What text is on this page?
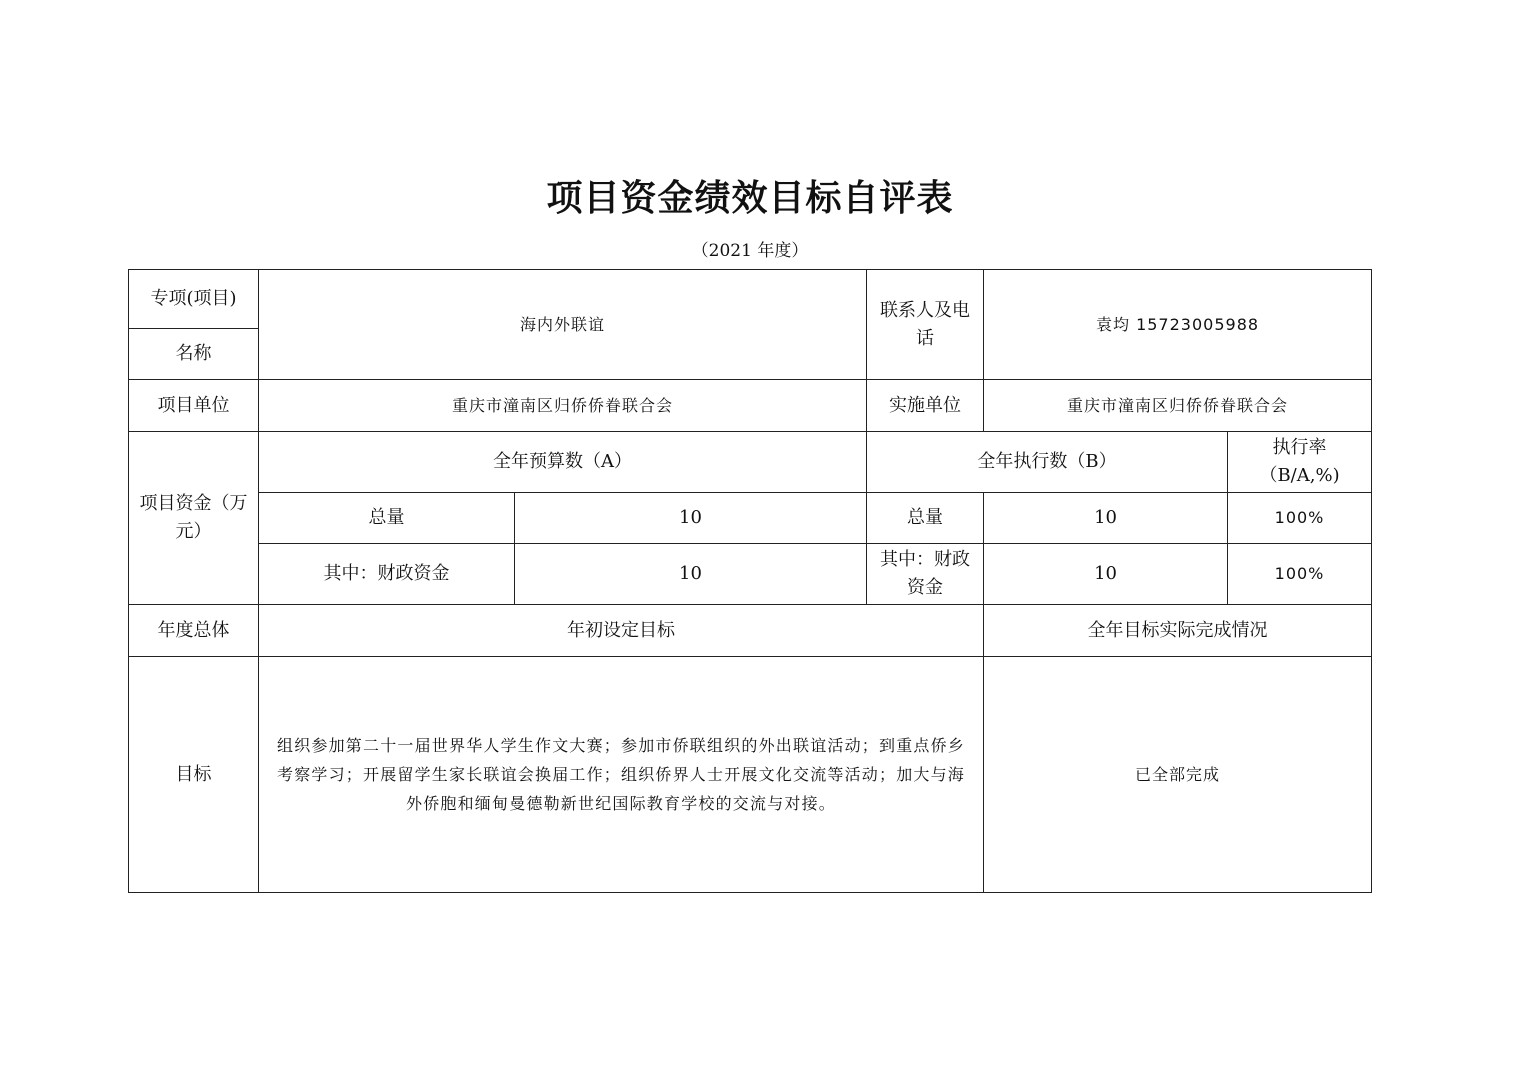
项目资金绩效目标自评表
（2021 年度）
专项(项目)	海内外联谊		联系人及电话	袁均 15723005988	
名称					
项目单位	重庆市潼南区归侨侨眷联合会		实施单位	重庆市潼南区归侨侨眷联合会	
项目资金（万元）	全年预算数（A）		全年执行数（B）		执行率（B/A,%)
	总量	10	总量	10	100%
	其中：财政资金	10	其中：财政资金	10	100%
年度总体	年初设定目标			全年目标实际完成情况	
目标	组织参加第二十一届世界华人学生作文大赛；参加市侨联组织的外出联谊活动；到重点侨乡考察学习；开展留学生家长联谊会换届工作；组织侨界人士开展文化交流等活动；加大与海外侨胞和缅甸曼德勒新世纪国际教育学校的交流与对接。			已全部完成	
